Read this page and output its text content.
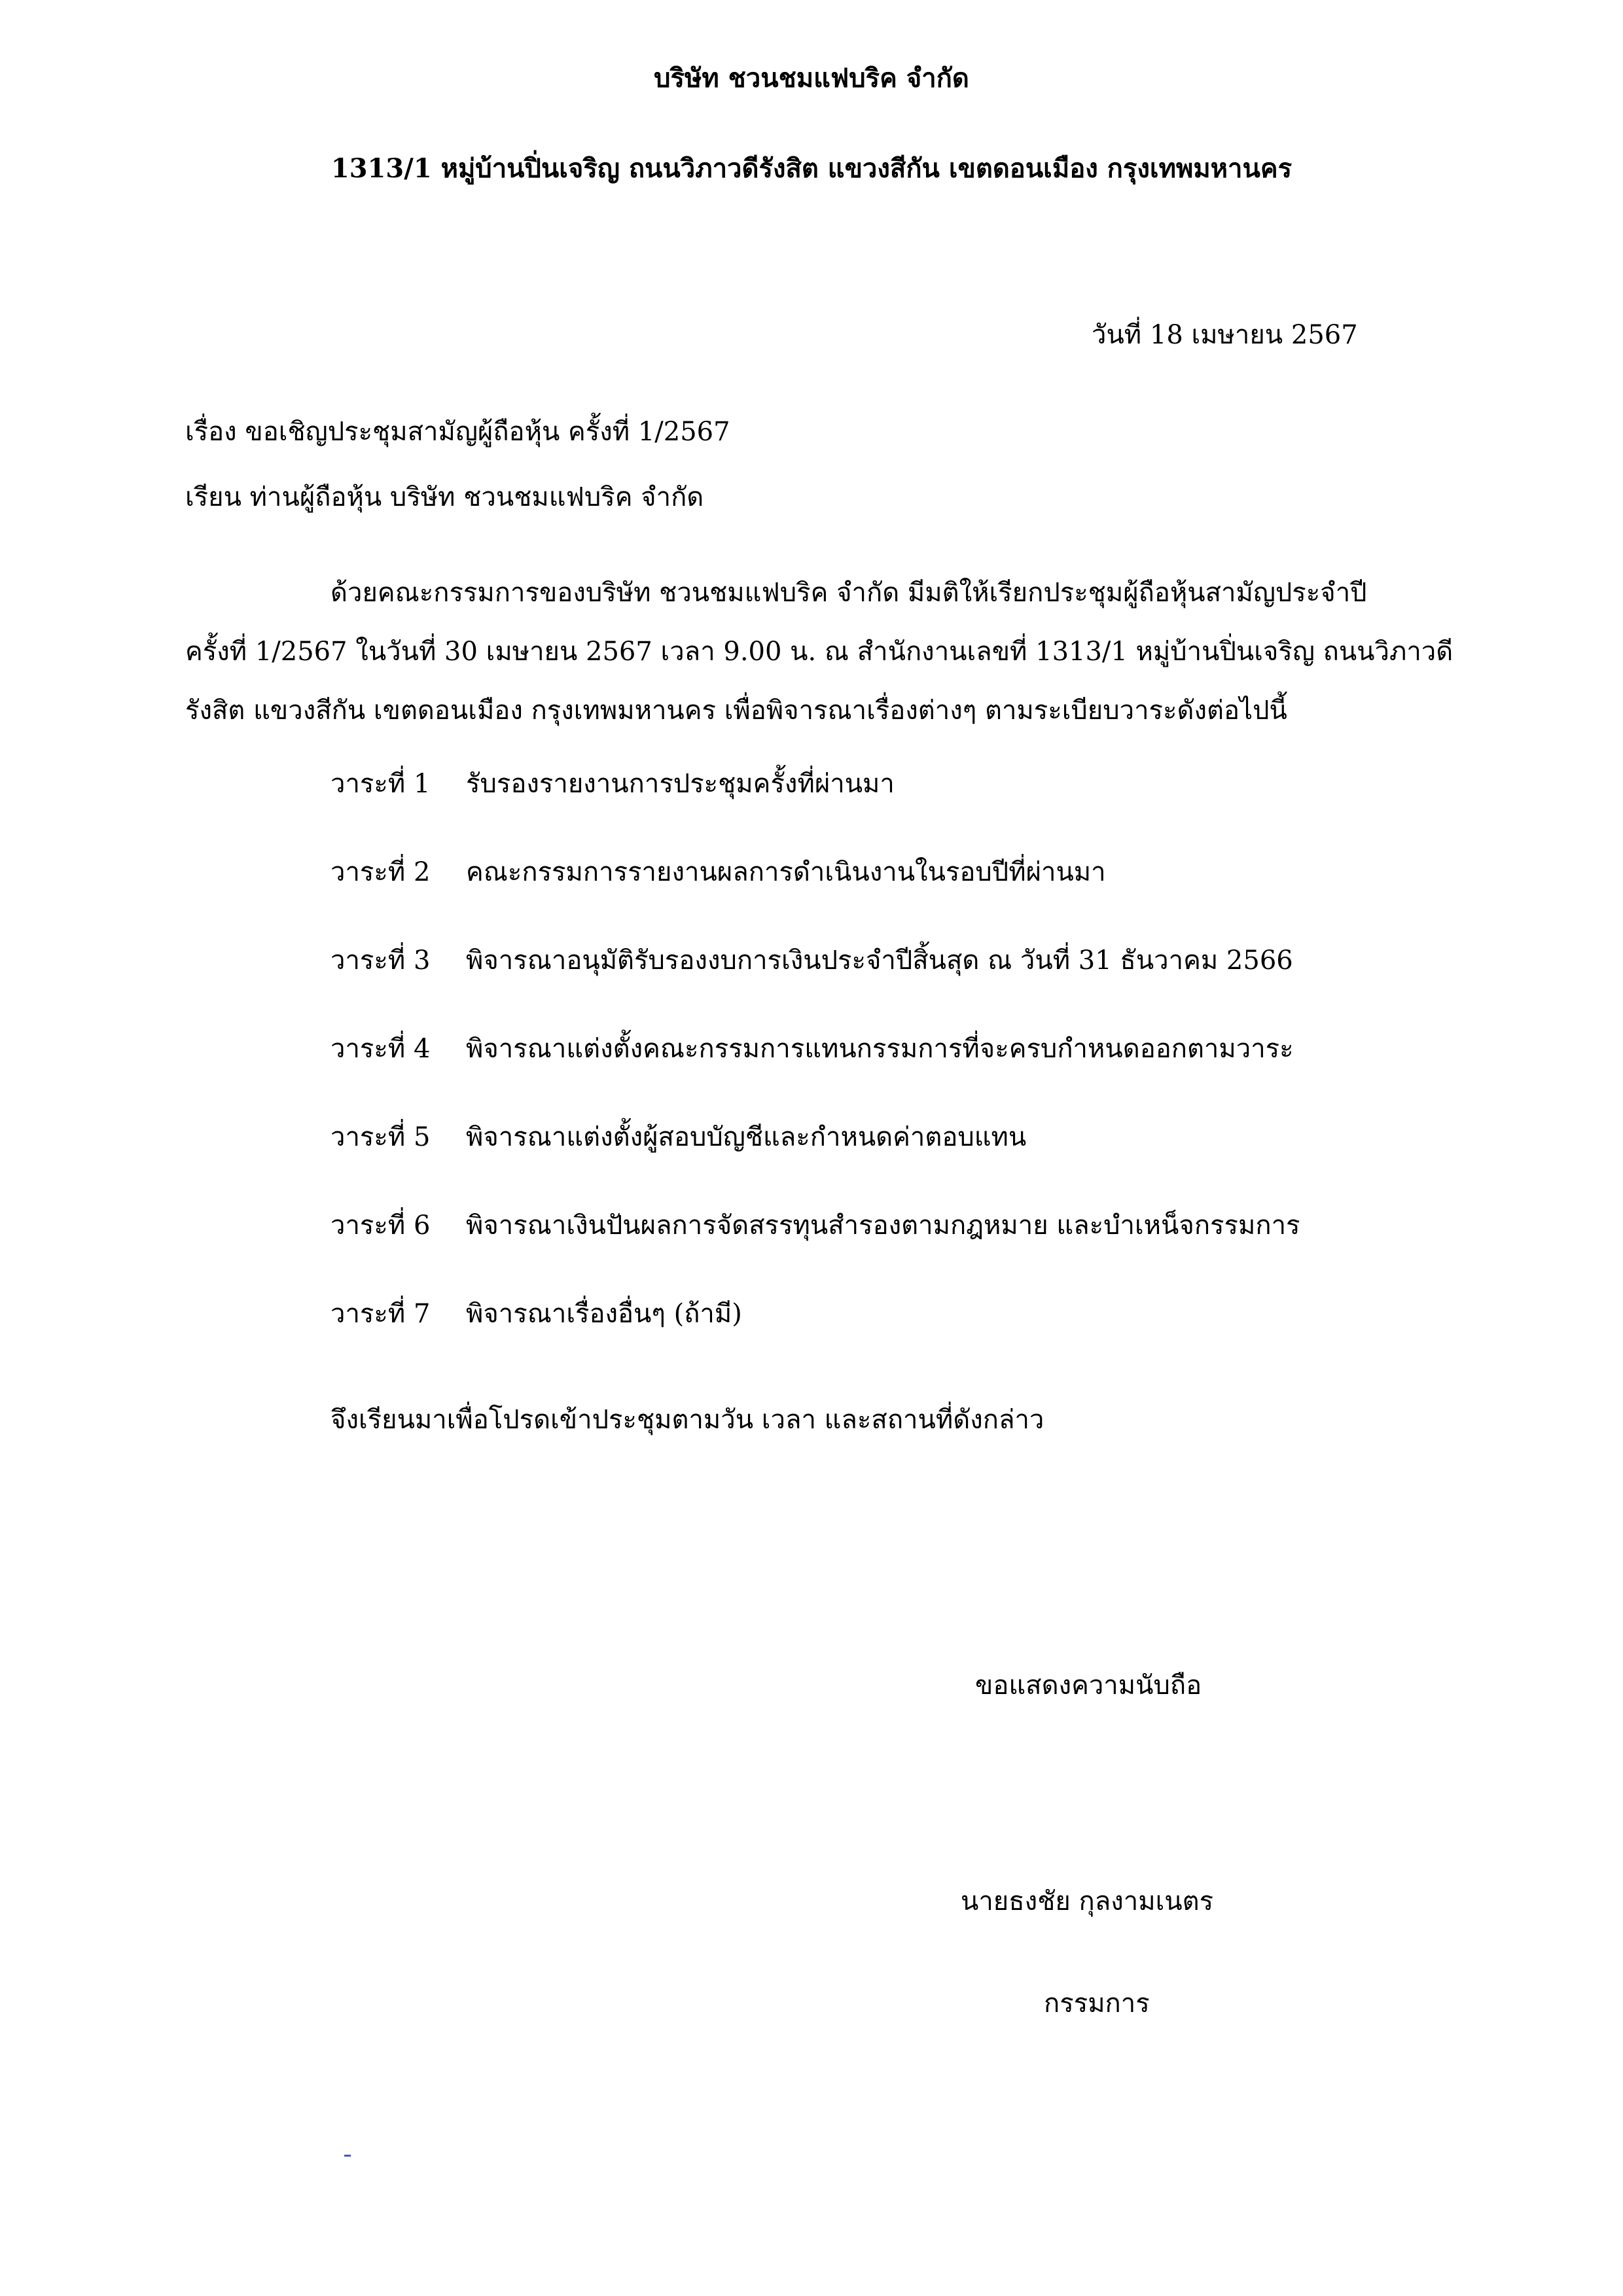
บริษัท ชวนชมแฟบริค จำกัด
1313/1 หมู่บ้านปิ่นเจริญ ถนนวิภาวดีรังสิต แขวงสีกัน เขตดอนเมือง กรุงเทพมหานคร
วันที่ 18 เมษายน 2567
เรื่อง ขอเชิญประชุมสามัญผู้ถือหุ้น ครั้งที่ 1/2567
เรียน ท่านผู้ถือหุ้น บริษัท ชวนชมแฟบริค จำกัด
ด้วยคณะกรรมการของบริษัท ชวนชมแฟบริค จำกัด มีมติให้เรียกประชุมผู้ถือหุ้นสามัญประจำปี
ครั้งที่ 1/2567 ในวันที่ 30 เมษายน 2567 เวลา 9.00 น. ณ สำนักงานเลขที่ 1313/1 หมู่บ้านปิ่นเจริญ ถนนวิภาวดี
รังสิต แขวงสีกัน เขตดอนเมือง กรุงเทพมหานคร เพื่อพิจารณาเรื่องต่างๆ ตามระเบียบวาระดังต่อไปนี้
วาระที่ 1 รับรองรายงานการประชุมครั้งที่ผ่านมา
วาระที่ 2 คณะกรรมการรายงานผลการดำเนินงานในรอบปีที่ผ่านมา
วาระที่ 3 พิจารณาอนุมัติรับรองงบการเงินประจำปีสิ้นสุด ณ วันที่ 31 ธันวาคม 2566
วาระที่ 4 พิจารณาแต่งตั้งคณะกรรมการแทนกรรมการที่จะครบกำหนดออกตามวาระ
วาระที่ 5 พิจารณาแต่งตั้งผู้สอบบัญชีและกำหนดค่าตอบแทน
วาระที่ 6 พิจารณาเงินปันผลการจัดสรรทุนสำรองตามกฎหมาย และบำเหน็จกรรมการ
วาระที่ 7 พิจารณาเรื่องอื่นๆ (ถ้ามี)
จึงเรียนมาเพื่อโปรดเข้าประชุมตามวัน เวลา และสถานที่ดังกล่าว
ขอแสดงความนับถือ
นายธงชัย กุลงามเนตร
กรรมการ
